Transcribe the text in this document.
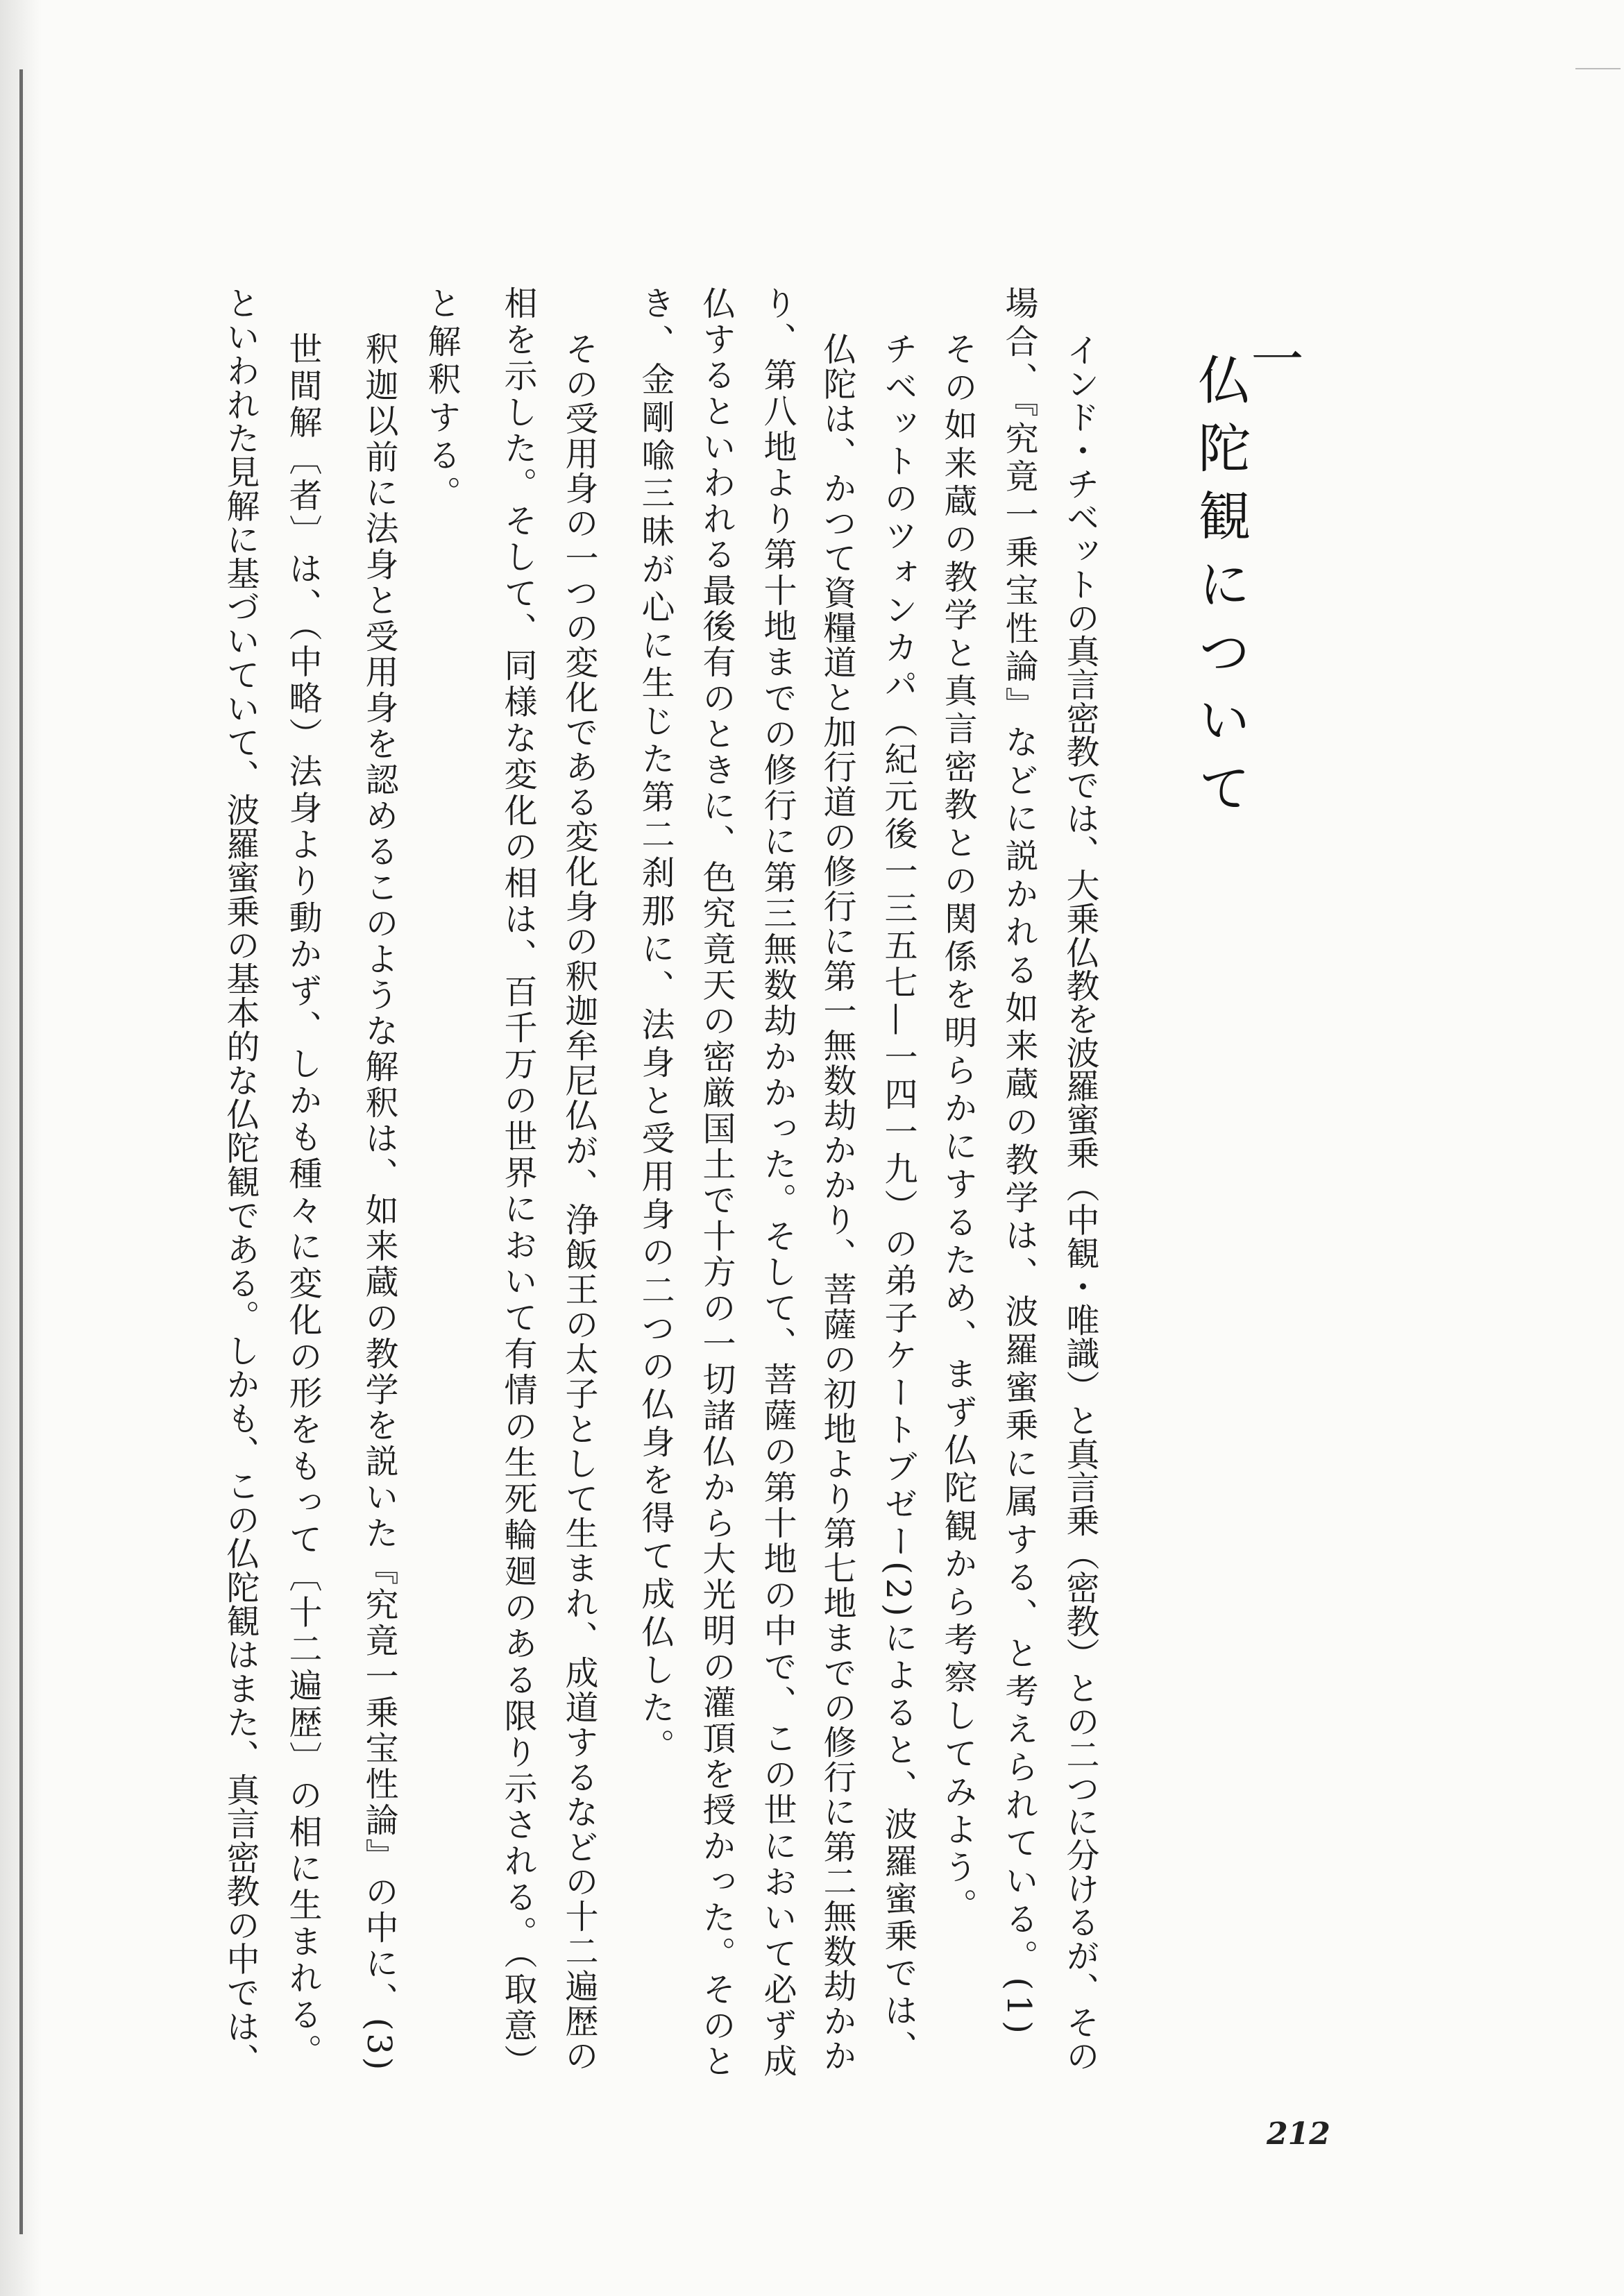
一
仏陀観について
インド・チベットの真言密教では、大乗仏教を波羅蜜乗（中観・唯識）と真言乗（密教）との二つに分けるが、その
場合、『究竟一乗宝性論』などに説かれる如来蔵の教学は、波羅蜜乗に属する、と考えられている。(1)
その如来蔵の教学と真言密教との関係を明らかにするため、まず仏陀観から考察してみよう。
チベットのツォンカパ（紀元後一三五七—一四一九）の弟子ケートブゼー(2)によると、波羅蜜乗では、
仏陀は、かつて資糧道と加行道の修行に第一無数劫かかり、菩薩の初地より第七地までの修行に第二無数劫かか
り、第八地より第十地までの修行に第三無数劫かかった。そして、菩薩の第十地の中で、この世において必ず成
仏するといわれる最後有のときに、色究竟天の密厳国土で十方の一切諸仏から大光明の灌頂を授かった。そのと
き、金剛喩三昧が心に生じた第二刹那に、法身と受用身の二つの仏身を得て成仏した。
その受用身の一つの変化である変化身の釈迦牟尼仏が、浄飯王の太子として生まれ、成道するなどの十二遍歴の
相を示した。そして、同様な変化の相は、百千万の世界において有情の生死輪廻のある限り示される。（取意）
と解釈する。
釈迦以前に法身と受用身を認めるこのような解釈は、如来蔵の教学を説いた『究竟一乗宝性論』の中に、(3)
世間解〔者〕は、（中略）法身より動かず、しかも種々に変化の形をもって〔十二遍歴〕の相に生まれる。
といわれた見解に基づいていて、波羅蜜乗の基本的な仏陀観である。しかも、この仏陀観はまた、真言密教の中では、
212
